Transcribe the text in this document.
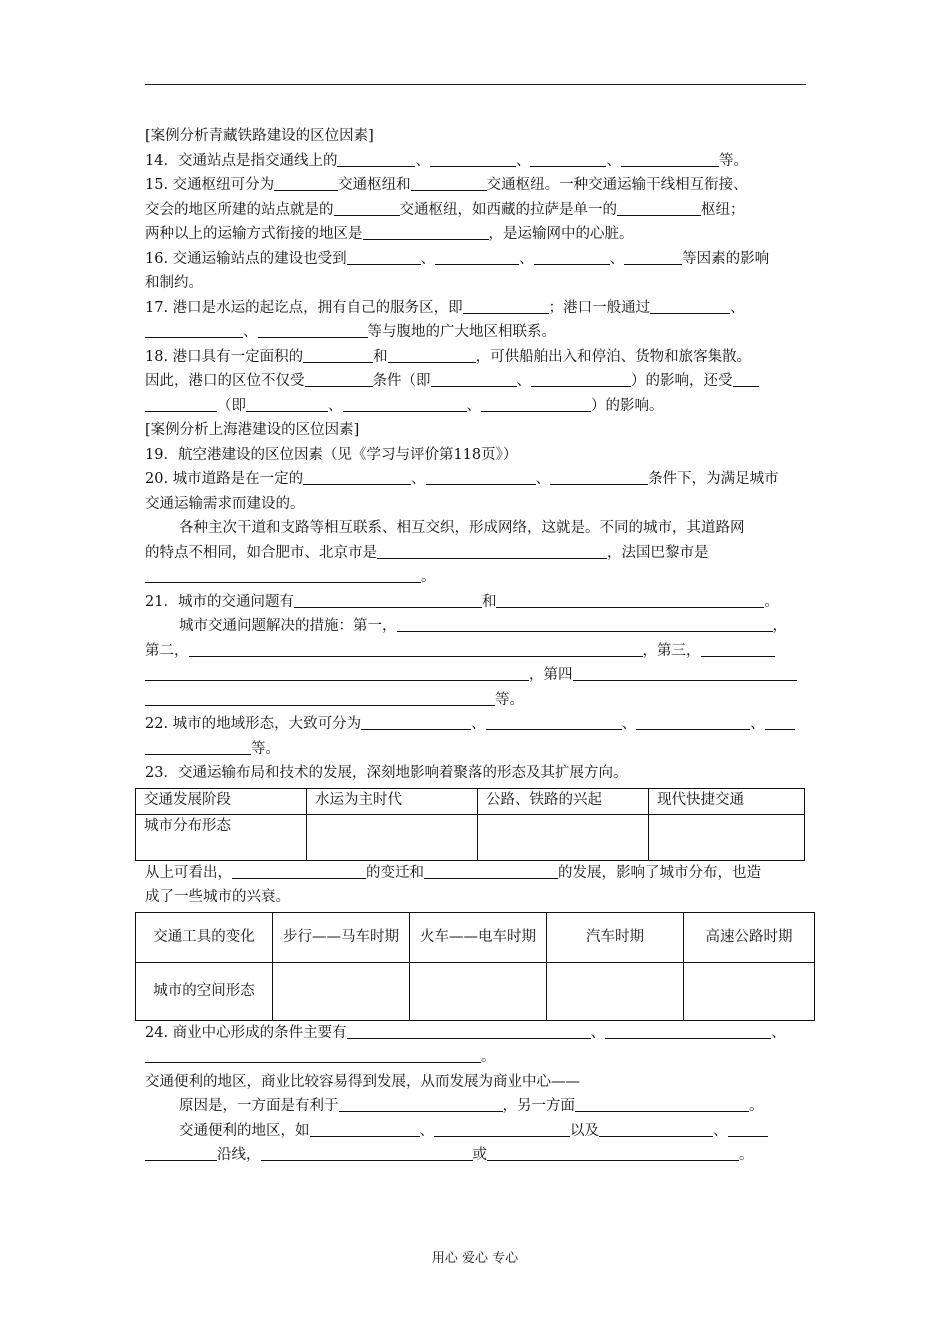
[案例分析青藏铁路建设的区位因素]
14．交通站点是指交通线上的	、	、	、	等。
15. 交通枢纽可分为	交通枢纽和	交通枢纽。一种交通运输干线相互衔接、
交会的地区所建的站点就是的	交通枢纽，如西藏的拉萨是单一的	枢纽；
两种以上的运输方式衔接的地区是	，是运输网中的心脏。
16. 交通运输站点的建设也受到	、	、	、	等因素的影响
和制约。
17. 港口是水运的起讫点，拥有自己的服务区，即	；港口一般通过	、
、	等与腹地的广大地区相联系。
18. 港口具有一定面积的	和	，可供船舶出入和停泊、货物和旅客集散。
因此，港口的区位不仅受	条件（即	、	）的影响，还受
（即	、	、	）的影响。
[案例分析上海港建设的区位因素]
19．航空港建设的区位因素（见《学习与评价第118页》）
20. 城市道路是在一定的	、	、	条件下，为满足城市
交通运输需求而建设的。
各种主次干道和支路等相互联系、相互交织，形成网络，这就是。不同的城市，其道路网
的特点不相同，如合肥市、北京市是	，法国巴黎市是
。
21．城市的交通问题有	和	。
城市交通问题解决的措施：第一，	，
第二，	，第三，
，第四
等。
22. 城市的地域形态，大致可分为	、	、	、
等。
23．交通运输布局和技术的发展，深刻地影响着聚落的形态及其扩展方向。
交通发展阶段	水运为主时代	公路、铁路的兴起	现代快捷交通
城市分布形态			
从上可看出，	的变迁和	的发展，影响了城市分布，也造
成了一些城市的兴衰。
交通工具的变化	步行——马车时期	火车——电车时期	汽车时期	高速公路时期
城市的空间形态				
24. 商业中心形成的条件主要有	、	、
。
交通便利的地区，商业比较容易得到发展，从而发展为商业中心——
原因是，一方面是有利于	，另一方面	。
交通便利的地区，如	、	以及	、
沿线，	或	。
用心 爱心 专心
